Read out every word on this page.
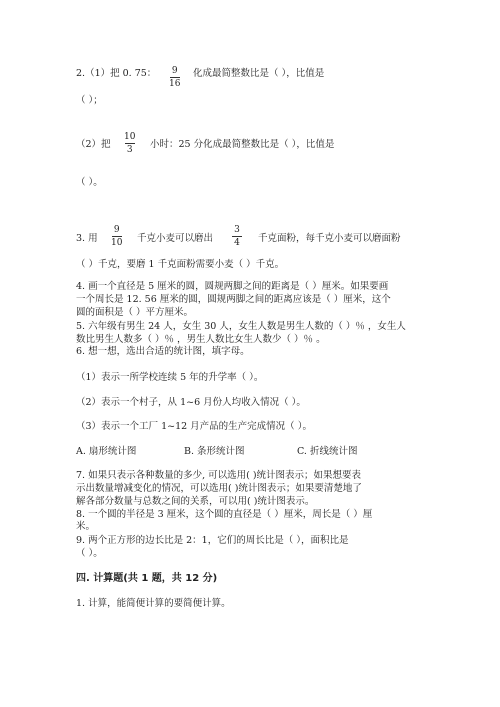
2.（1）把 0. 75： 9
16
化成最简整数比是（ ），比值是
（ ）；
（2）把
10
3 小时：25 分化成最简整数比是（ ），比值是
（ ）。
3. 用
9
10 千克小麦可以磨出
3
4 千克面粉，每千克小麦可以磨面粉
（ ）千克，要磨 1 千克面粉需要小麦（ ）千克。
4. 画一个直径是 5 厘米的圆，圆规两脚之间的距离是（ ）厘米。如果要画
一个周长是 12. 56 厘米的圆，圆规两脚之间的距离应该是（ ）厘米，这个
圆的面积是（ ）平方厘米。
5. 六年级有男生 24 人，女生 30 人，女生人数是男生人数的（ ）％ ，女生人
数比男生人数多（ ）％ ，男生人数比女生人数少（ ）％ 。
6. 想一想，选出合适的统计图，填字母。
（1）表示一所学校连续 5 年的升学率（ ）。
（2）表示一个村子，从 1~6 月份人均收入情况（ ）。
（3）表示一个工厂 1~12 月产品的生产完成情况（ ）。
A. 扇形统计图	B. 条形统计图	C. 折线统计图
7. 如果只表示各种数量的多少, 可以选用( )统计图表示；如果想要表
示出数量增减变化的情况，可以选用( )统计图表示；如果要清楚地了
解各部分数量与总数之间的关系，可以用( )统计图表示。
8. 一个圆的半径是 3 厘米，这个圆的直径是（ ）厘米，周长是（ ）厘
米。
9. 两个正方形的边长比是 2：1，它们的周长比是（ ），面积比是
（ ）。
四. 计算题(共 1 题，共 12 分)
1. 计算，能简便计算的要简便计算。
